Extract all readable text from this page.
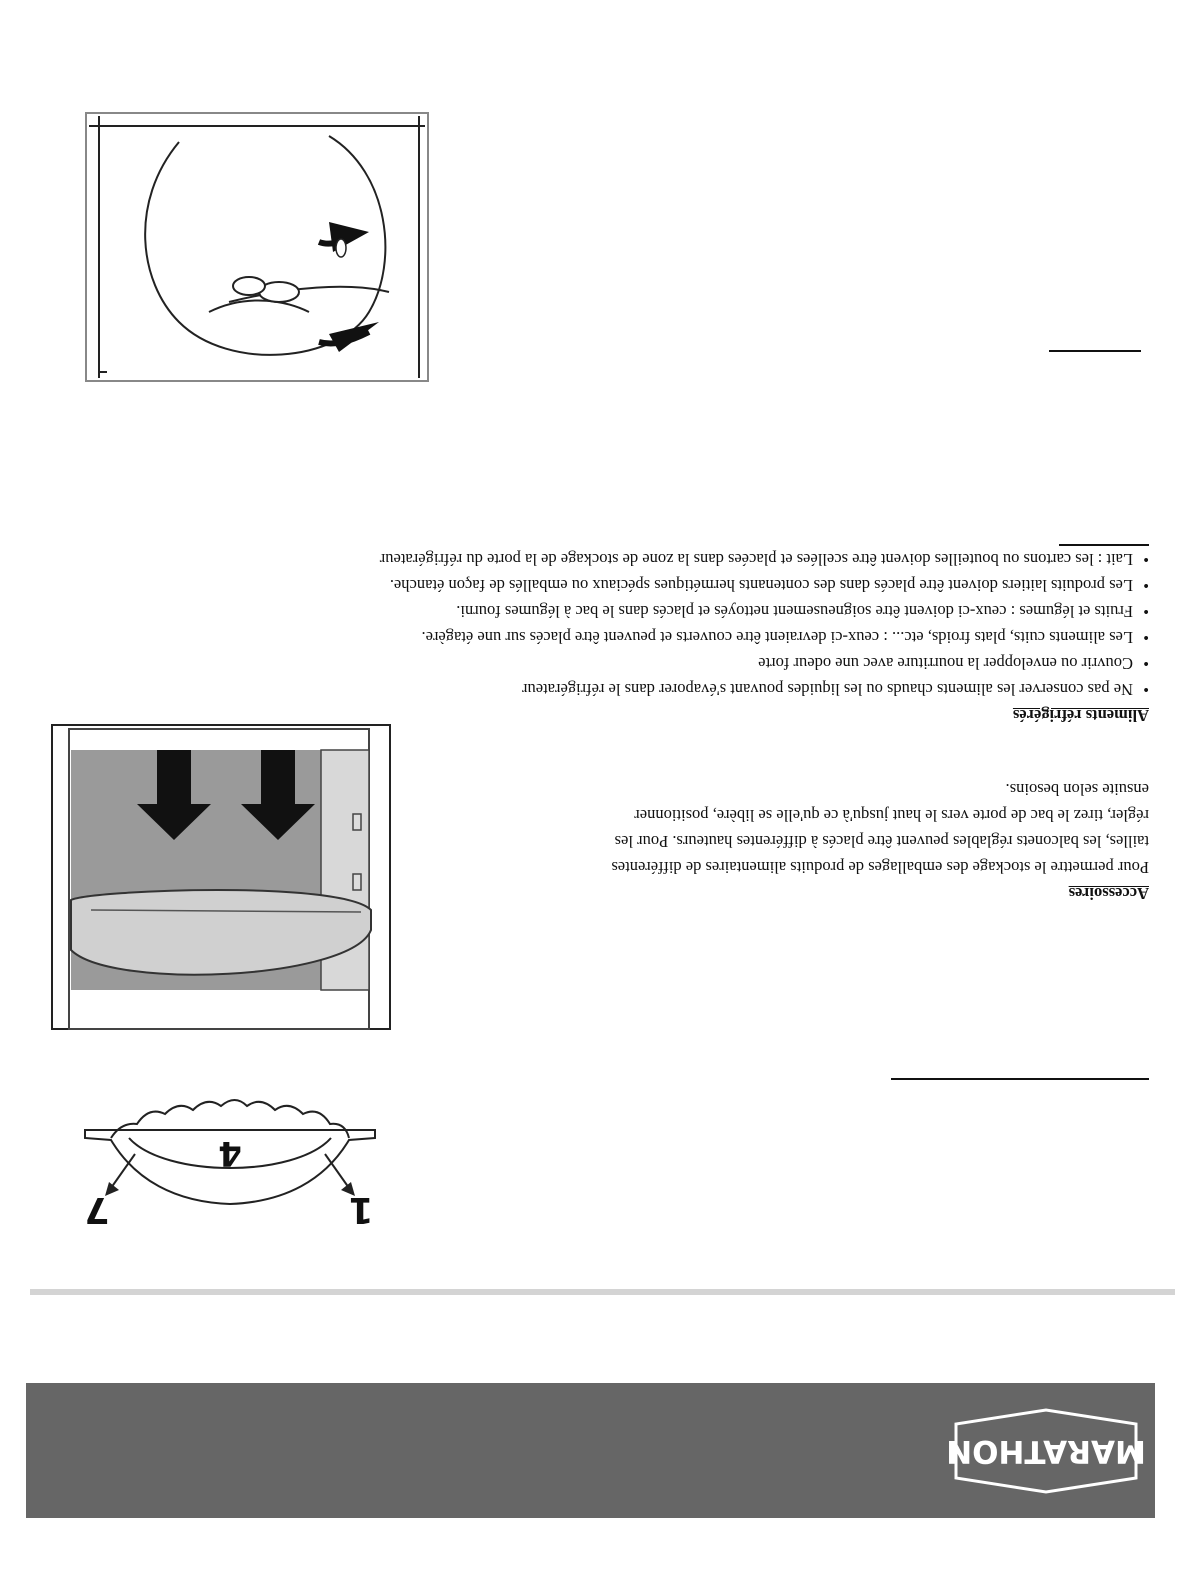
MARATHON
1
4
7
Accessoires

Pour permettre le stockage des emballages de produits alimentaires de différentes tailles, les balconets réglables peuvent être placés à différentes hauteurs. Pour les régler, tirez le bac de porte vers le haut jusqu'à ce qu'elle se libère, positionner ensuite selon besoins.

Aliments réfrigérés
• Ne pas conserver les aliments chauds ou les liquides pouvant s'évaporer dans le réfrigérateur
• Couvrir ou envelopper la nourriture avec une odeur forte
• Les aliments cuits, plats froids, etc... : ceux-ci devraient être couverts et peuvent être placés sur une étagère.
• Fruits et légumes : ceux-ci doivent être soigneusement nettoyés et placés dans le bac à légumes fourni.
• Les produits laitiers doivent être placés dans des contenants hermétiques spéciaux ou emballés de façon étanche.
• Lait : les cartons ou bouteilles doivent être scellées et placées dans la zone de stockage de la porte du réfrigérateur
